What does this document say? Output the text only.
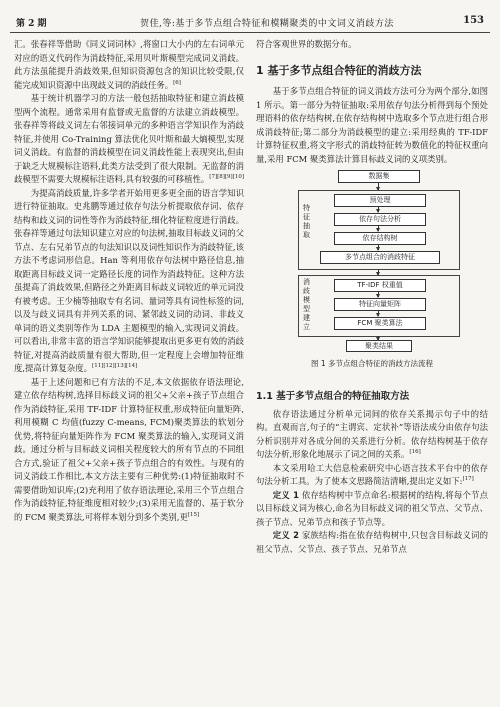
第 2 期	贺佳,等:基于多节点组合特征和模糊聚类的中文词义消歧方法	153

汇。张春祥等借助《同义词词林》,将窗口大小内的左右词单元对应的语义代码作为消歧特征,采用贝叶斯模型完成词义消歧。此方法虽能提升消歧效果,但知识资源包含的知识比较受限,仅能完成知识资源中出现歧义词的消歧任务。[6]

基于统计机器学习的方法一般包括抽取特征和建立消歧模型两个流程。通常采用有监督或无监督的方法建立消歧模型。张春祥等将歧义词左右邻接词单元的多种语言学知识作为消歧特征,并使用 Co-Training 算法优化贝叶斯和最大熵模型,实现词义消歧。有监督的消歧模型在词义消歧性能上表现突出,但由于缺乏大规模标注语料,此类方法受到了很大限制。无监督的消歧模型不需要大规模标注语料,具有较强的可移植性。[7][8][9][10]

为提高消歧质量,许多学者开始用更多更全面的语言学知识进行特征抽取。史兆鹏等通过依存句法分析提取依存词、依存结构和歧义词的词性等作为消歧特征,细化特征粒度进行消歧。张春祥等通过句法知识建立对应的句法树,抽取目标歧义词的父节点、左右兄弟节点的句法知识以及词性知识作为消歧特征,该方法不考虑词形信息。Han 等利用依存句法树中路径信息,抽取距离目标歧义词一定路径长度的词作为消歧特征。这种方法虽提高了消歧效果,但路径之外距离目标歧义词较近的单元词没有被考虑。王少楠等抽取专有名词、量词等具有词性标签的词,以及与歧义词具有并列关系的词、紧邻歧义词的动词、非歧义单词的语义类别等作为 LDA 主题模型的输入,实现词义消歧。可以看出,非常丰富的语言学知识能够提取出更多更有效的消歧特征,对提高消歧质量有很大帮助,但一定程度上会增加特征维度,提高计算复杂度。[11][12][13][14]

基于上述问题和已有方法的不足,本文依据依存语法理论,建立依存结构树,选择目标歧义词的祖父+父亲+孩子节点组合作为消歧特征,采用 TF-IDF 计算特征权重,形成特征向量矩阵,利用模糊 C 均值(fuzzy C-means, FCM)聚类算法的软划分优势,将特征向量矩阵作为 FCM 聚类算法的输入,实现词义消歧。通过分析与目标歧义词相关程度较大的所有节点的不同组合方式,验证了祖父+父亲+孩子节点组合的有效性。与现有的词义消歧工作相比,本文方法主要有三种优势:(1)特征抽取时不需要借助知识库;(2)充利用了依存语法理论,采用三个节点组合作为消歧特征,特征维度相对较少;(3)采用无监督的、基于软分的 FCM 聚类算法,可将样本划分到多个类别,更[15]

符合客观世界的数据分布。

1 基于多节点组合特征的消歧方法

基于多节点组合特征的词义消歧方法可分为两个部分,如图 1 所示。第一部分为特征抽取:采用依存句法分析得到每个预处理语料的依存结构树,在依存结构树中选取多个节点进行组合形成消歧特征;第二部分为消歧模型的建立:采用经典的 TF-IDF 计算特征权重,将文字形式的消歧特征转为数值化的特征权重向量,采用 FCM 聚类算法计算目标歧义词的义项类别。

数据集
特征抽取
预处理
依存句法分析
依存结构树
多节点组合的消歧特征
消歧模型建立
TF-IDF 权重值
特征向量矩阵
FCM 聚类算法
聚类结果
图 1 多节点组合特征的消歧方法流程
1.1 基于多节点组合的特征抽取方法

依存语法通过分析单元词间的依存关系揭示句子中的结构。直观而言,句子的“主谓宾、定状补”等语法成分由依存句法分析识别并对各成分间的关系进行分析。依存结构树基于依存句法分析,形象化地展示了词之间的关系。[16]

本文采用哈工大信息检索研究中心语言技术平台中的依存句法分析工具。为了使本文思路简洁清晰,提出定义如下:[17]

定义 1 依存结构树中节点命名:根据树的结构,将每个节点以目标歧义词为核心,命名为目标歧义词的祖父节点、父节点、孩子节点、兄弟节点和孩子节点等。

定义 2 家族结构:指在依存结构树中,只包含目标歧义词的祖父节点、父节点、孩子节点、兄弟节点
